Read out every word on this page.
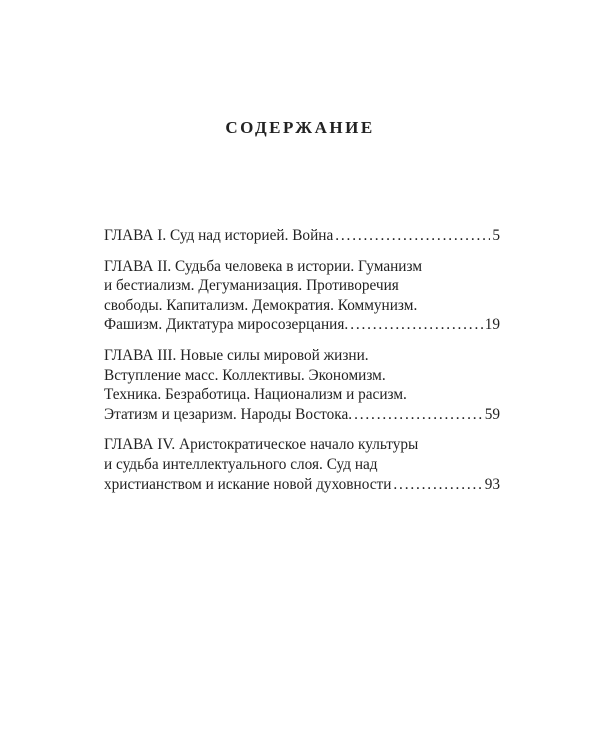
СОДЕРЖАНИЕ
ГЛАВА I. Суд над историей. Война . . .	5
ГЛАВА II. Судьба человека в истории. Гуманизм
и бестиализм. Дегуманизация. Противоречия
свободы. Капитализм. Демократия. Коммунизм.
Фашизм. Диктатура миросозерцания. . . .	19
ГЛАВА III. Новые силы мировой жизни.
Вступление масс. Коллективы. Экономизм.
Техника. Безработица. Национализм и расизм.
Этатизм и цезаризм. Народы Востока. . . .	59
ГЛАВА IV. Аристократическое начало культуры
и судьба интеллектуального слоя. Суд над
христианством и искание новой духовности . . .	93
